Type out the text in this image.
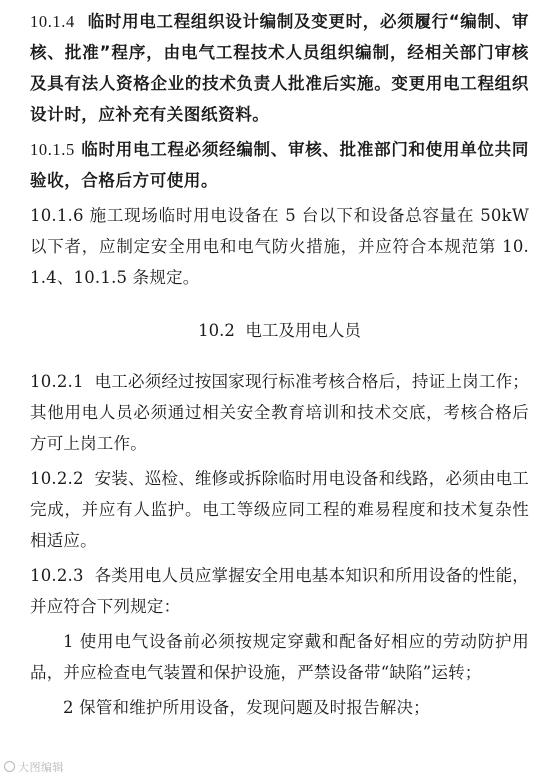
10.1.4 临时用电工程组织设计编制及变更时，必须履行“编制、审核、批准”程序，由电气工程技术人员组织编制，经相关部门审核及具有法人资格企业的技术负责人批准后实施。变更用电工程组织设计时，应补充有关图纸资料。

10.1.5 临时用电工程必须经编制、审核、批准部门和使用单位共同验收，合格后方可使用。

10.1.6 施工现场临时用电设备在 5 台以下和设备总容量在 50kW 以下者，应制定安全用电和电气防火措施，并应符合本规范第 10.1.4、10.1.5 条规定。

10.2 电工及用电人员

10.2.1 电工必须经过按国家现行标准考核合格后，持证上岗工作；其他用电人员必须通过相关安全教育培训和技术交底，考核合格后方可上岗工作。

10.2.2 安装、巡检、维修或拆除临时用电设备和线路，必须由电工完成，并应有人监护。电工等级应同工程的难易程度和技术复杂性相适应。

10.2.3 各类用电人员应掌握安全用电基本知识和所用设备的性能，并应符合下列规定：

1 使用电气设备前必须按规定穿戴和配备好相应的劳动防护用品，并应检查电气装置和保护设施，严禁设备带“缺陷”运转；

2 保管和维护所用设备，发现问题及时报告解决；

大图编辑
